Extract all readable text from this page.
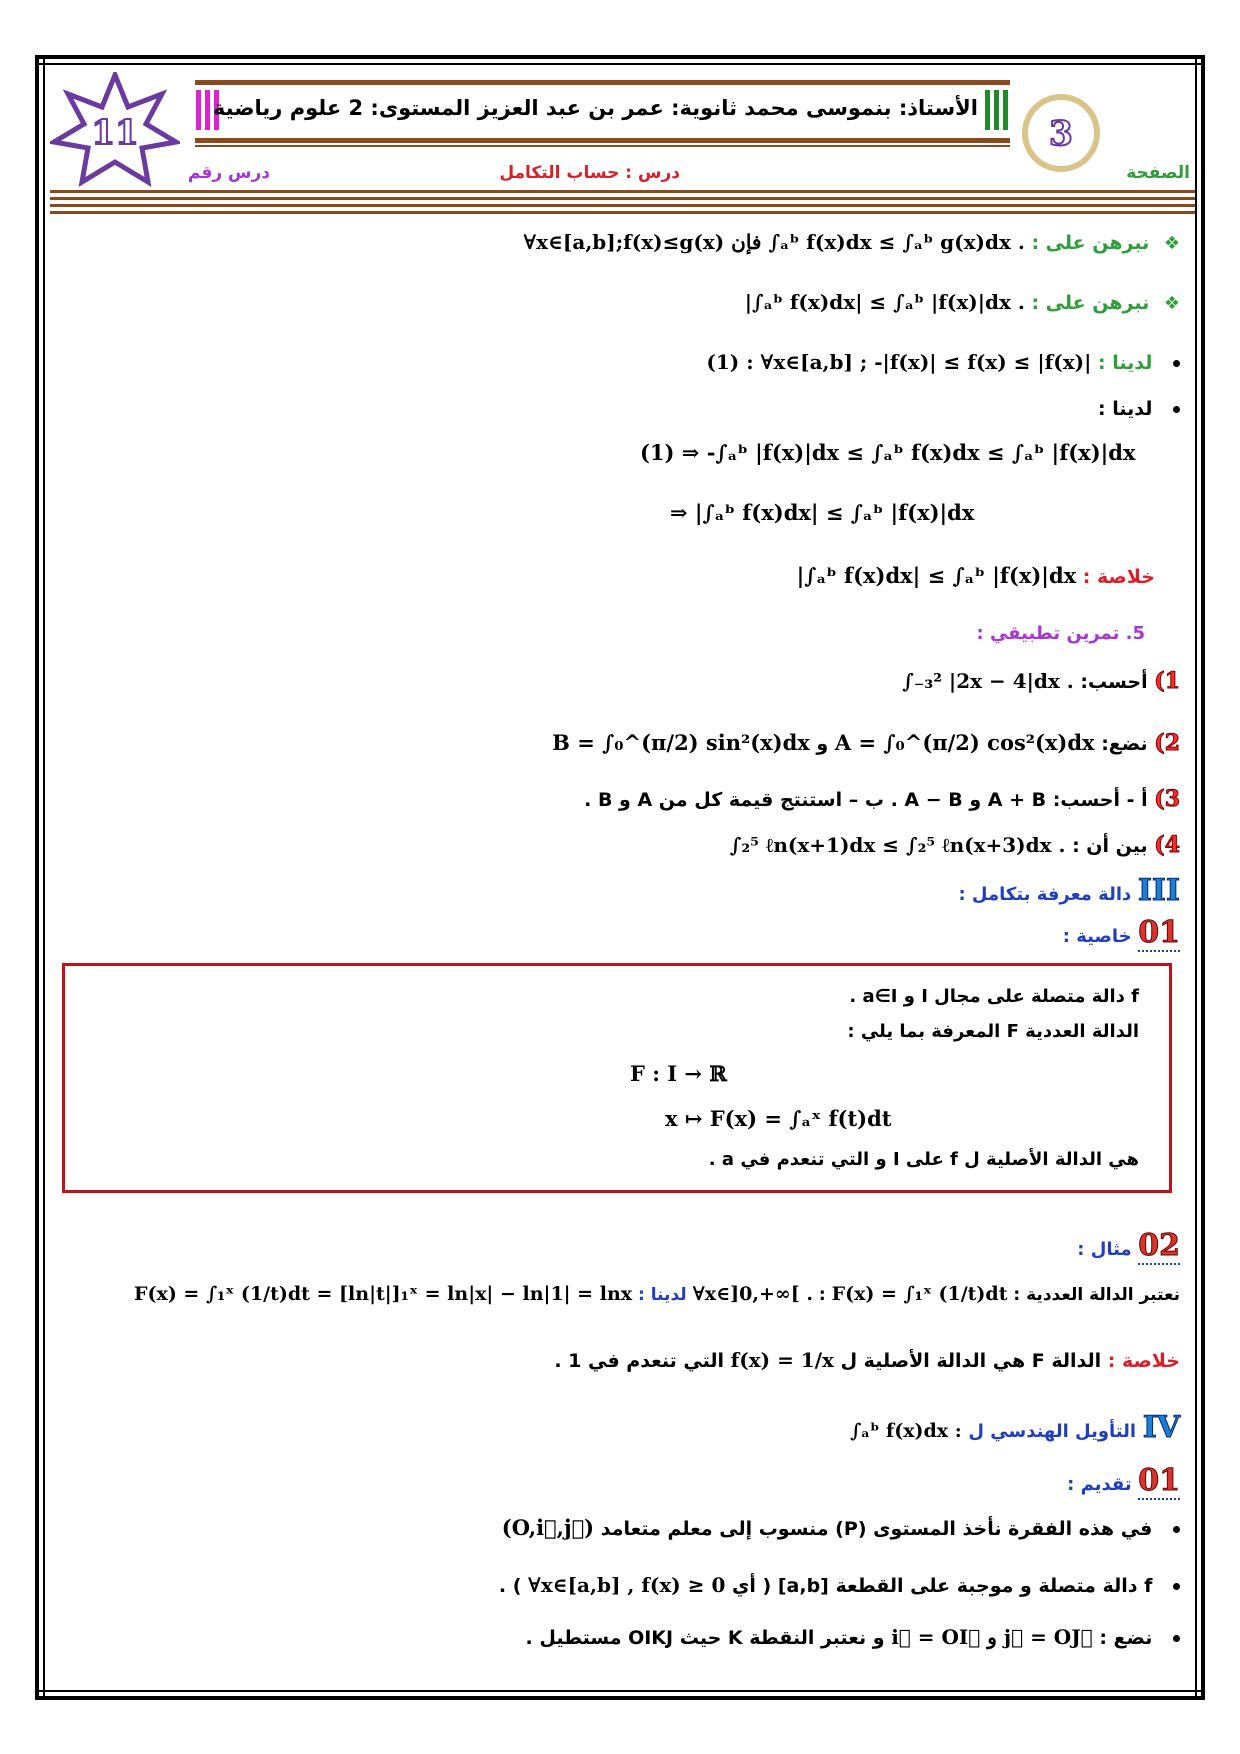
11	3
الأستاذ: بنموسى محمد ثانوية: عمر بن عبد العزيز المستوى: 2 علوم رياضية
الصفحة
درس : حساب التكامل
درس رقم
❖ نبرهن على : ∀x∈[a,b];f(x)≤g(x) فإن ∫ₐᵇ f(x)dx ≤ ∫ₐᵇ g(x)dx .
❖ نبرهن على : |∫ₐᵇ f(x)dx| ≤ ∫ₐᵇ |f(x)|dx .
لدينا : (1) : ∀x∈[a,b] ; -|f(x)| ≤ f(x) ≤ |f(x)|
لدينا :
(1) ⇒ -∫ₐᵇ |f(x)|dx ≤ ∫ₐᵇ f(x)dx ≤ ∫ₐᵇ |f(x)|dx
⇒ |∫ₐᵇ f(x)dx| ≤ ∫ₐᵇ |f(x)|dx
خلاصة : |∫ₐᵇ f(x)dx| ≤ ∫ₐᵇ |f(x)|dx
5. تمرين تطبيقي :
1) أحسب: ∫₋₃² |2x − 4|dx .
2) نضع: A = ∫₀^(π/2) cos²(x)dx و B = ∫₀^(π/2) sin²(x)dx
3) أ - أحسب: A + B و A − B . ب – استنتج قيمة كل من A و B .
4) بين أن : ∫₂⁵ ℓn(x+1)dx ≤ ∫₂⁵ ℓn(x+3)dx .
III دالة معرفة بتكامل :
01 خاصية :
f دالة متصلة على مجال I و a∈I .
الدالة العددية F المعرفة بما يلي :
F : I → ℝ
x ↦ F(x) = ∫ₐˣ f(t)dt
هي الدالة الأصلية ل f على I و التي تنعدم في a .
02 مثال :
نعتبر الدالة العددية : F(x) = ∫₁ˣ (1/t)dt : ∀x∈]0,+∞[ . لدينا : F(x) = ∫₁ˣ (1/t)dt = [ln|t|]₁ˣ = ln|x| − ln|1| = lnx
خلاصة : الدالة F هي الدالة الأصلية ل f(x) = 1/x التي تنعدم في 1 .
IV التأويل الهندسي ل ∫ₐᵇ f(x)dx :
01 تقديم :
في هذه الفقرة نأخذ المستوى (P) منسوب إلى معلم متعامد (O,i⃗,j⃗)
f دالة متصلة و موجبة على القطعة [a,b] ( أي ∀x∈[a,b] , f(x) ≥ 0 ) .
نضع : i⃗ = OI⃗ و j⃗ = OJ⃗ و نعتبر النقطة K حيث OIKJ مستطيل .
